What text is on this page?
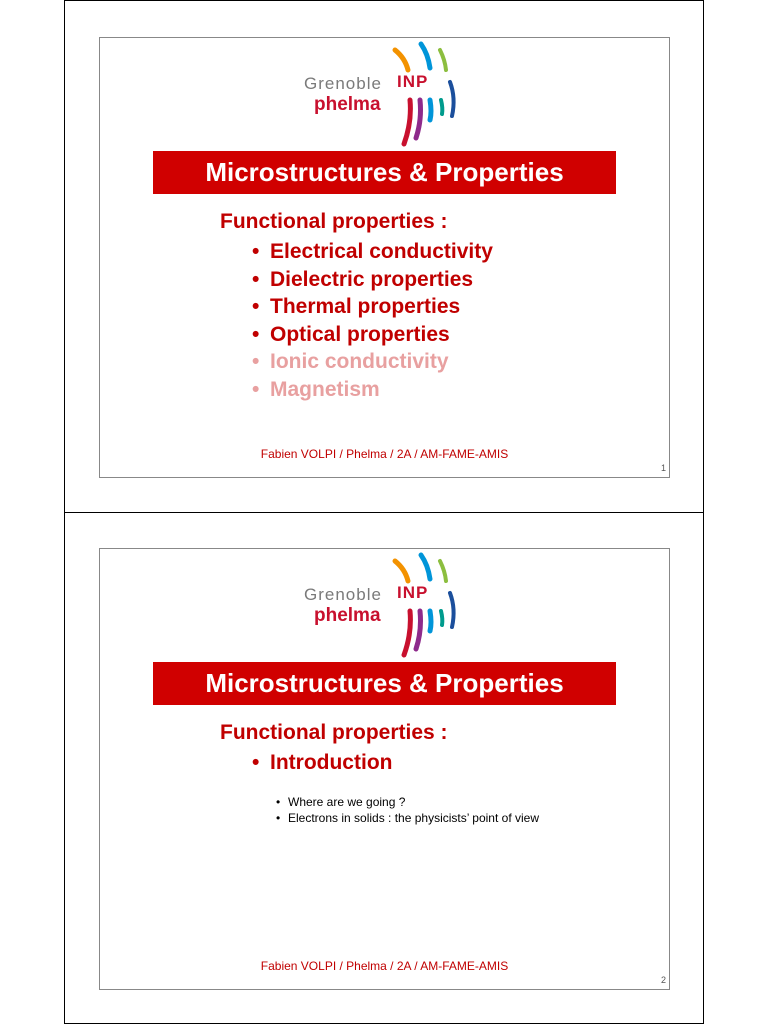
Grenoble INP
phelma
Microstructures & Properties
Functional properties :
• Electrical conductivity
• Dielectric properties
• Thermal properties
• Optical properties
• Ionic conductivity
• Magnetism
Fabien VOLPI / Phelma / 2A / AM-FAME-AMIS
1
Grenoble INP
phelma
Microstructures & Properties
Functional properties :
• Introduction
• Where are we going ?
• Electrons in solids : the physicists’ point of view
Fabien VOLPI / Phelma / 2A / AM-FAME-AMIS
2
